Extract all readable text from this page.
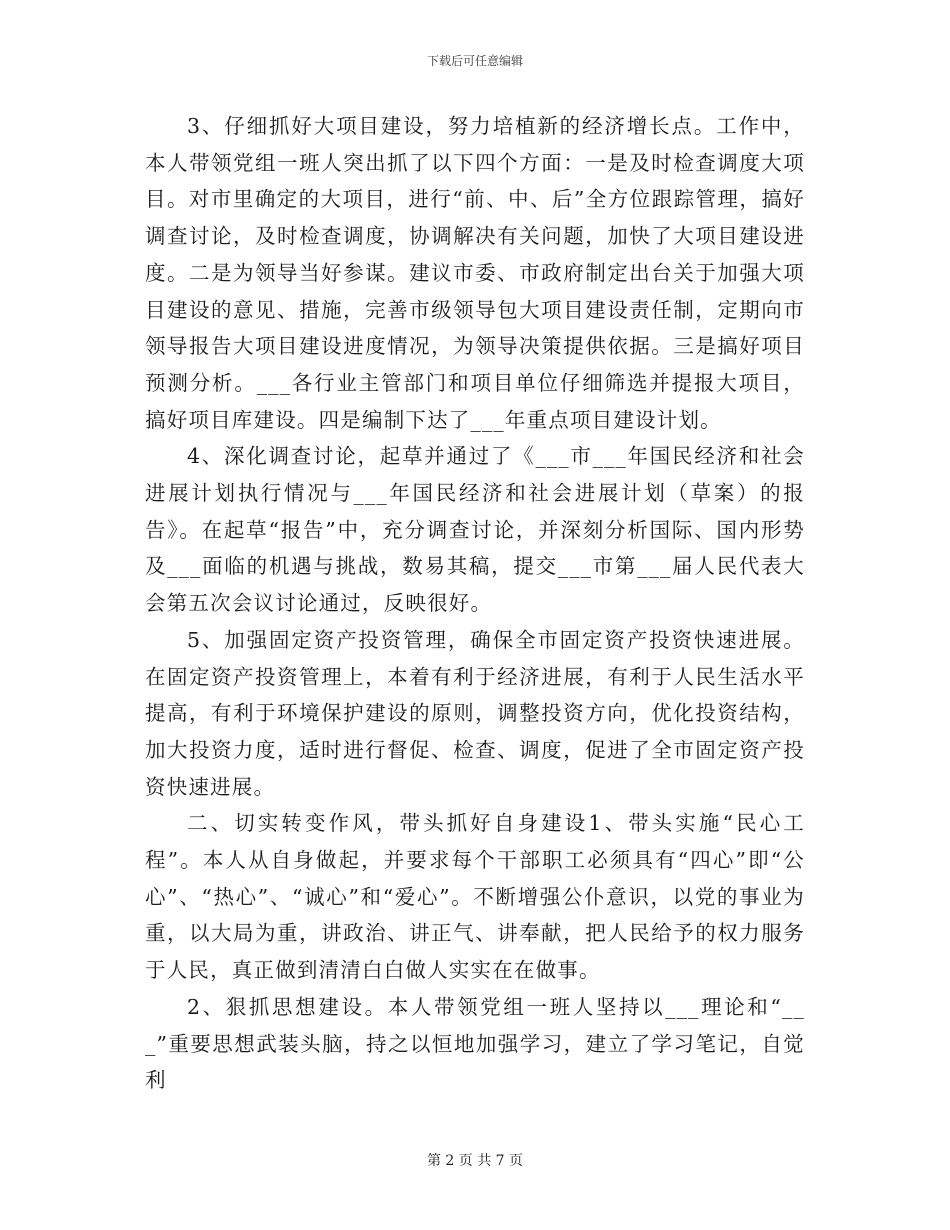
下载后可任意编辑

3、仔细抓好大项目建设，努力培植新的经济增长点。工作中，本人带领党组一班人突出抓了以下四个方面：一是及时检查调度大项目。对市里确定的大项目，进行“前、中、后”全方位跟踪管理，搞好调查讨论，及时检查调度，协调解决有关问题，加快了大项目建设进度。二是为领导当好参谋。建议市委、市政府制定出台关于加强大项目建设的意见、措施，完善市级领导包大项目建设责任制，定期向市领导报告大项目建设进度情况，为领导决策提供依据。三是搞好项目预测分析。___各行业主管部门和项目单位仔细筛选并提报大项目，搞好项目库建设。四是编制下达了___年重点项目建设计划。

4、深化调查讨论，起草并通过了《___市___年国民经济和社会进展计划执行情况与___年国民经济和社会进展计划（草案）的报告》。在起草“报告”中，充分调查讨论，并深刻分析国际、国内形势及___面临的机遇与挑战，数易其稿，提交___市第___届人民代表大会第五次会议讨论通过，反映很好。

5、加强固定资产投资管理，确保全市固定资产投资快速进展。在固定资产投资管理上，本着有利于经济进展，有利于人民生活水平提高，有利于环境保护建设的原则，调整投资方向，优化投资结构，加大投资力度，适时进行督促、检查、调度，促进了全市固定资产投资快速进展。

二、切实转变作风，带头抓好自身建设1、带头实施“民心工程”。本人从自身做起，并要求每个干部职工必须具有“四心”即“公心”、“热心”、“诚心”和“爱心”。不断增强公仆意识，以党的事业为重，以大局为重，讲政治、讲正气、讲奉献，把人民给予的权力服务于人民，真正做到清清白白做人实实在在做事。

2、狠抓思想建设。本人带领党组一班人坚持以___理论和“___”重要思想武装头脑，持之以恒地加强学习，建立了学习笔记，自觉利

第 2 页 共 7 页
